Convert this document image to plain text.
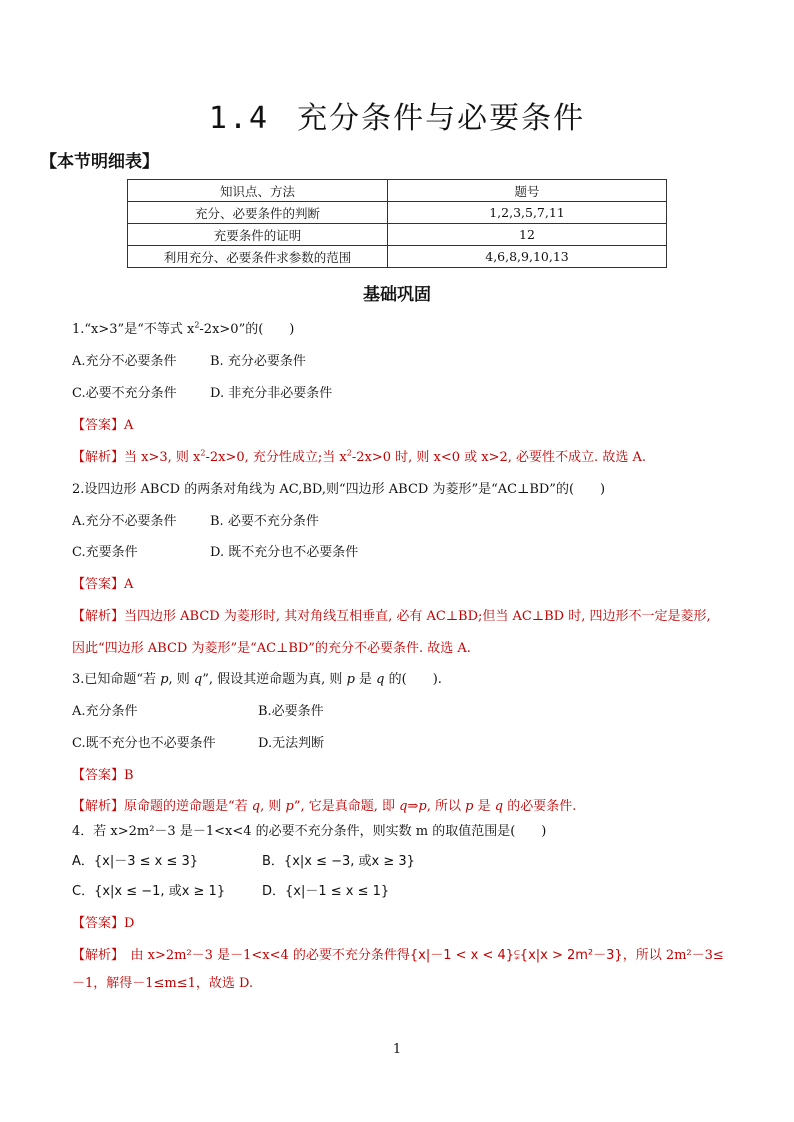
1.4 充分条件与必要条件
【本节明细表】
知识点、方法	题号
充分、必要条件的判断	1,2,3,5,7,11
充要条件的证明	12
利用充分、必要条件求参数的范围	4,6,8,9,10,13
基础巩固
1.“x>3”是“不等式 $x^2-2x>0$”的(　　)
A.充分不必要条件	B. 充分必要条件
C.必要不充分条件	D. 非充分非必要条件
【答案】A
【解析】当 x>3, 则 $x^2-2x>0$, 充分性成立;当 $x^2-2x>0$ 时, 则 x<0 或 x>2, 必要性不成立. 故选 A.
2.设四边形 ABCD 的两条对角线为 AC,BD,则“四边形 ABCD 为菱形”是“AC⊥BD”的(　　)
A.充分不必要条件	B. 必要不充分条件
C.充要条件	D. 既不充分也不必要条件
【答案】A
【解析】当四边形 ABCD 为菱形时, 其对角线互相垂直, 必有 AC⊥BD;但当 AC⊥BD 时, 四边形不一定是菱形,
因此“四边形 ABCD 为菱形”是“AC⊥BD”的充分不必要条件. 故选 A.
3.已知命题“若 p, 则 q”, 假设其逆命题为真, 则 p 是 q 的(　　).
A.充分条件	B.必要条件
C.既不充分也不必要条件	D.无法判断
【答案】B
【解析】原命题的逆命题是“若 q, 则 p”, 它是真命题, 即 q⇒p, 所以 p 是 q 的必要条件.
4．若 x>2m²－3 是－1<x<4 的必要不充分条件，则实数 m 的取值范围是(　　)
A．{x|－3 ≤ x ≤ 3}	B．{x|x ≤ −3, 或x ≥ 3}
C．{x|x ≤ −1, 或x ≥ 1}	D．{x|－1 ≤ x ≤ 1}
【答案】D
【解析】　由 x>2m²－3 是－1<x<4 的必要不充分条件得{x|－1 < x < 4}⫋{x|x > 2m²－3}，所以 2m²－3≤
－1，解得－1≤m≤1，故选 D.
1
